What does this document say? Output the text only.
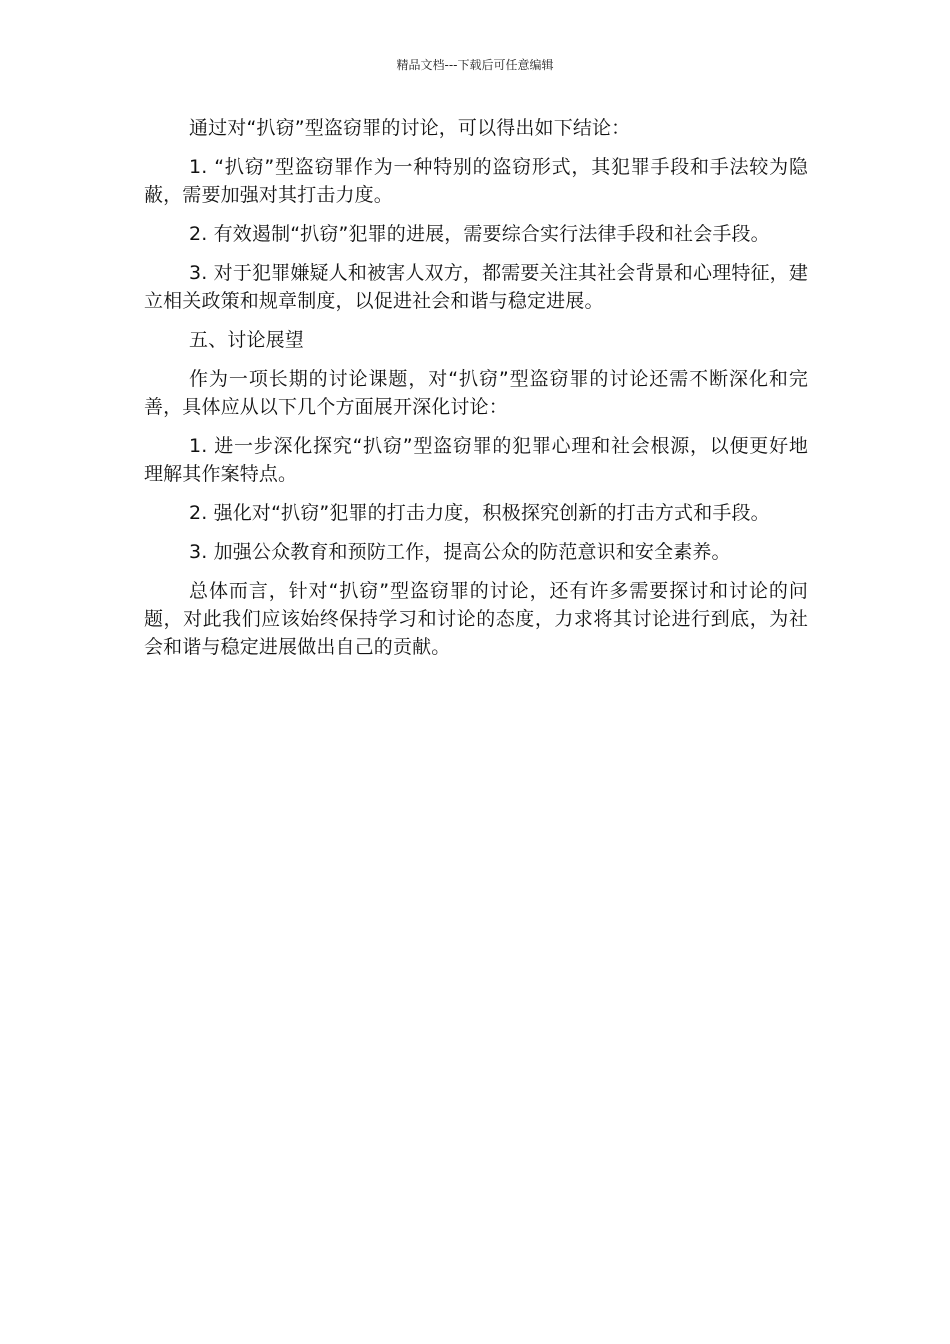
精品文档---下载后可任意编辑

通过对“扒窃”型盗窃罪的讨论，可以得出如下结论：

1. “扒窃”型盗窃罪作为一种特别的盗窃形式，其犯罪手段和手法较为隐蔽，需要加强对其打击力度。

2. 有效遏制“扒窃”犯罪的进展，需要综合实行法律手段和社会手段。

3. 对于犯罪嫌疑人和被害人双方，都需要关注其社会背景和心理特征，建立相关政策和规章制度，以促进社会和谐与稳定进展。

五、讨论展望

作为一项长期的讨论课题，对“扒窃”型盗窃罪的讨论还需不断深化和完善，具体应从以下几个方面展开深化讨论：

1. 进一步深化探究“扒窃”型盗窃罪的犯罪心理和社会根源，以便更好地理解其作案特点。

2. 强化对“扒窃”犯罪的打击力度，积极探究创新的打击方式和手段。

3. 加强公众教育和预防工作，提高公众的防范意识和安全素养。

总体而言，针对“扒窃”型盗窃罪的讨论，还有许多需要探讨和讨论的问题，对此我们应该始终保持学习和讨论的态度，力求将其讨论进行到底，为社会和谐与稳定进展做出自己的贡献。
